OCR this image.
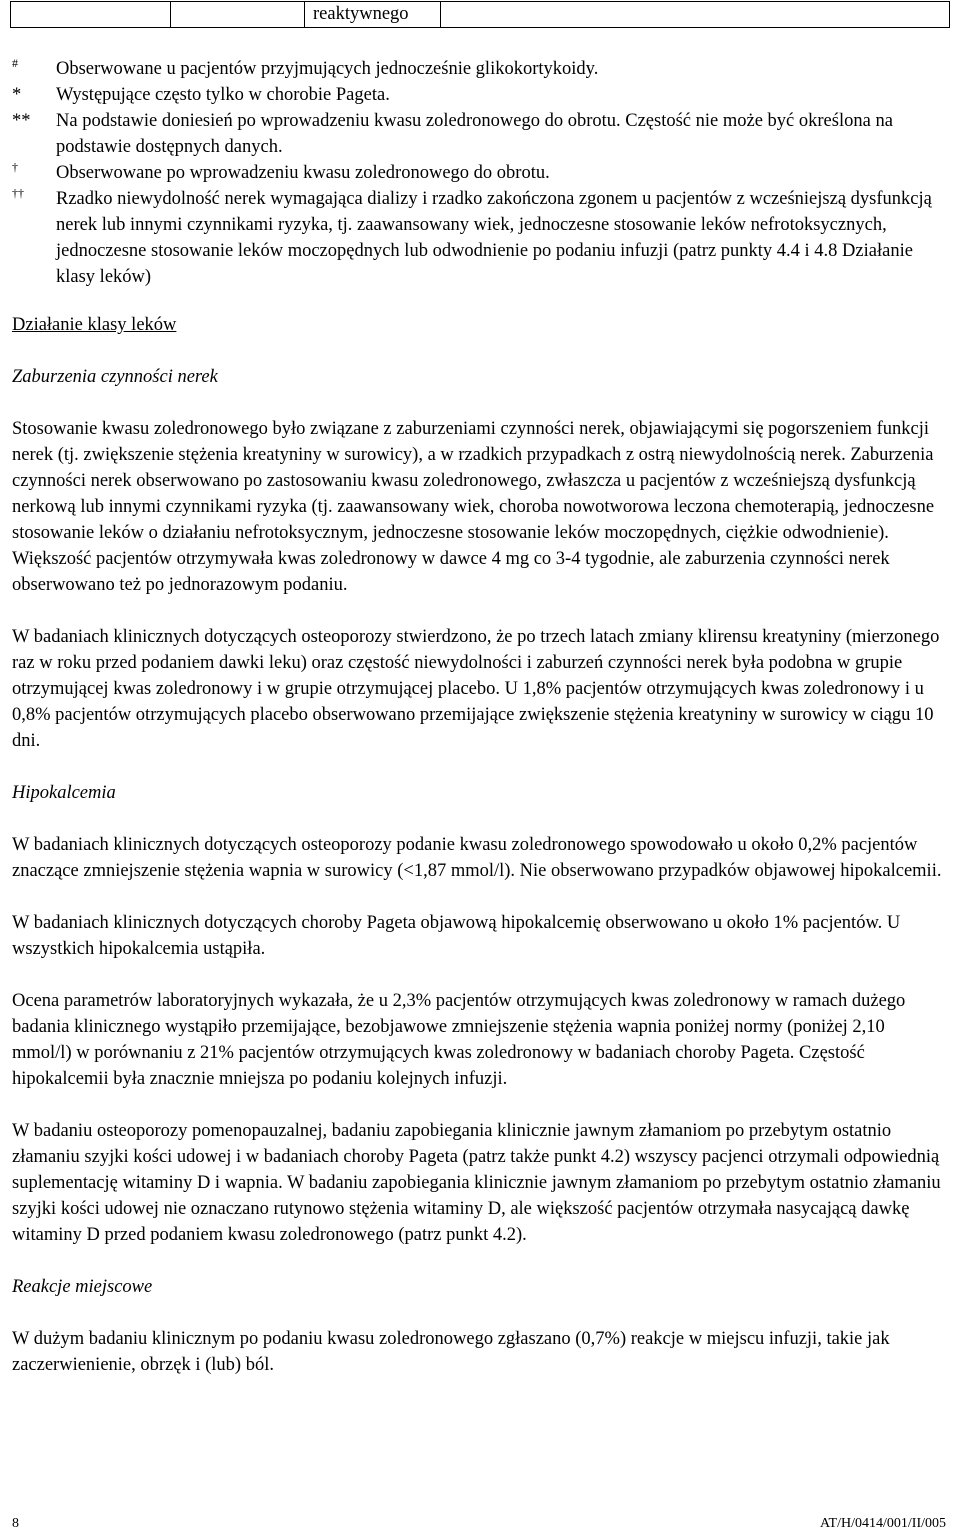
		reaktywnego	
#	Obserwowane u pacjentów przyjmujących jednocześnie glikokortykoidy.
*	Występujące często tylko w chorobie Pageta.
**	Na podstawie doniesień po wprowadzeniu kwasu zoledronowego do obrotu. Częstość nie może być określona na podstawie dostępnych danych.
†	Obserwowane po wprowadzeniu kwasu zoledronowego do obrotu.
††	Rzadko niewydolność nerek wymagająca dializy i rzadko zakończona zgonem u pacjentów z wcześniejszą dysfunkcją nerek lub innymi czynnikami ryzyka, tj. zaawansowany wiek, jednoczesne stosowanie leków nefrotoksycznych, jednoczesne stosowanie leków moczopędnych lub odwodnienie po podaniu infuzji (patrz punkty 4.4 i 4.8 Działanie klasy leków)

Działanie klasy leków

Zaburzenia czynności nerek

Stosowanie kwasu zoledronowego było związane z zaburzeniami czynności nerek, objawiającymi się pogorszeniem funkcji nerek (tj. zwiększenie stężenia kreatyniny w surowicy), a w rzadkich przypadkach z ostrą niewydolnością nerek. Zaburzenia czynności nerek obserwowano po zastosowaniu kwasu zoledronowego, zwłaszcza u pacjentów z wcześniejszą dysfunkcją nerkową lub innymi czynnikami ryzyka (tj. zaawansowany wiek, choroba nowotworowa leczona chemoterapią, jednoczesne stosowanie leków o działaniu nefrotoksycznym, jednoczesne stosowanie leków moczopędnych, ciężkie odwodnienie). Większość pacjentów otrzymywała kwas zoledronowy w dawce 4 mg co 3-4 tygodnie, ale zaburzenia czynności nerek obserwowano też po jednorazowym podaniu.

W badaniach klinicznych dotyczących osteoporozy stwierdzono, że po trzech latach zmiany klirensu kreatyniny (mierzonego raz w roku przed podaniem dawki leku) oraz częstość niewydolności i zaburzeń czynności nerek była podobna w grupie otrzymującej kwas zoledronowy i w grupie otrzymującej placebo. U 1,8% pacjentów otrzymujących kwas zoledronowy i u 0,8% pacjentów otrzymujących placebo obserwowano przemijające zwiększenie stężenia kreatyniny w surowicy w ciągu 10 dni.

Hipokalcemia

W badaniach klinicznych dotyczących osteoporozy podanie kwasu zoledronowego spowodowało u około 0,2% pacjentów znaczące zmniejszenie stężenia wapnia w surowicy (<1,87 mmol/l). Nie obserwowano przypadków objawowej hipokalcemii.

W badaniach klinicznych dotyczących choroby Pageta objawową hipokalcemię obserwowano u około 1% pacjentów. U wszystkich hipokalcemia ustąpiła.

Ocena parametrów laboratoryjnych wykazała, że u 2,3% pacjentów otrzymujących kwas zoledronowy w ramach dużego badania klinicznego wystąpiło przemijające, bezobjawowe zmniejszenie stężenia wapnia poniżej normy (poniżej 2,10 mmol/l) w porównaniu z 21% pacjentów otrzymujących kwas zoledronowy w badaniach choroby Pageta. Częstość hipokalcemii była znacznie mniejsza po podaniu kolejnych infuzji.

W badaniu osteoporozy pomenopauzalnej, badaniu zapobiegania klinicznie jawnym złamaniom po przebytym ostatnio złamaniu szyjki kości udowej i w badaniach choroby Pageta (patrz także punkt 4.2) wszyscy pacjenci otrzymali odpowiednią suplementację witaminy D i wapnia. W badaniu zapobiegania klinicznie jawnym złamaniom po przebytym ostatnio złamaniu szyjki kości udowej nie oznaczano rutynowo stężenia witaminy D, ale większość pacjentów otrzymała nasycającą dawkę witaminy D przed podaniem kwasu zoledronowego (patrz punkt 4.2).

Reakcje miejscowe

W dużym badaniu klinicznym po podaniu kwasu zoledronowego zgłaszano (0,7%) reakcje w miejscu infuzji, takie jak zaczerwienienie, obrzęk i (lub) ból.

8	AT/H/0414/001/II/005
